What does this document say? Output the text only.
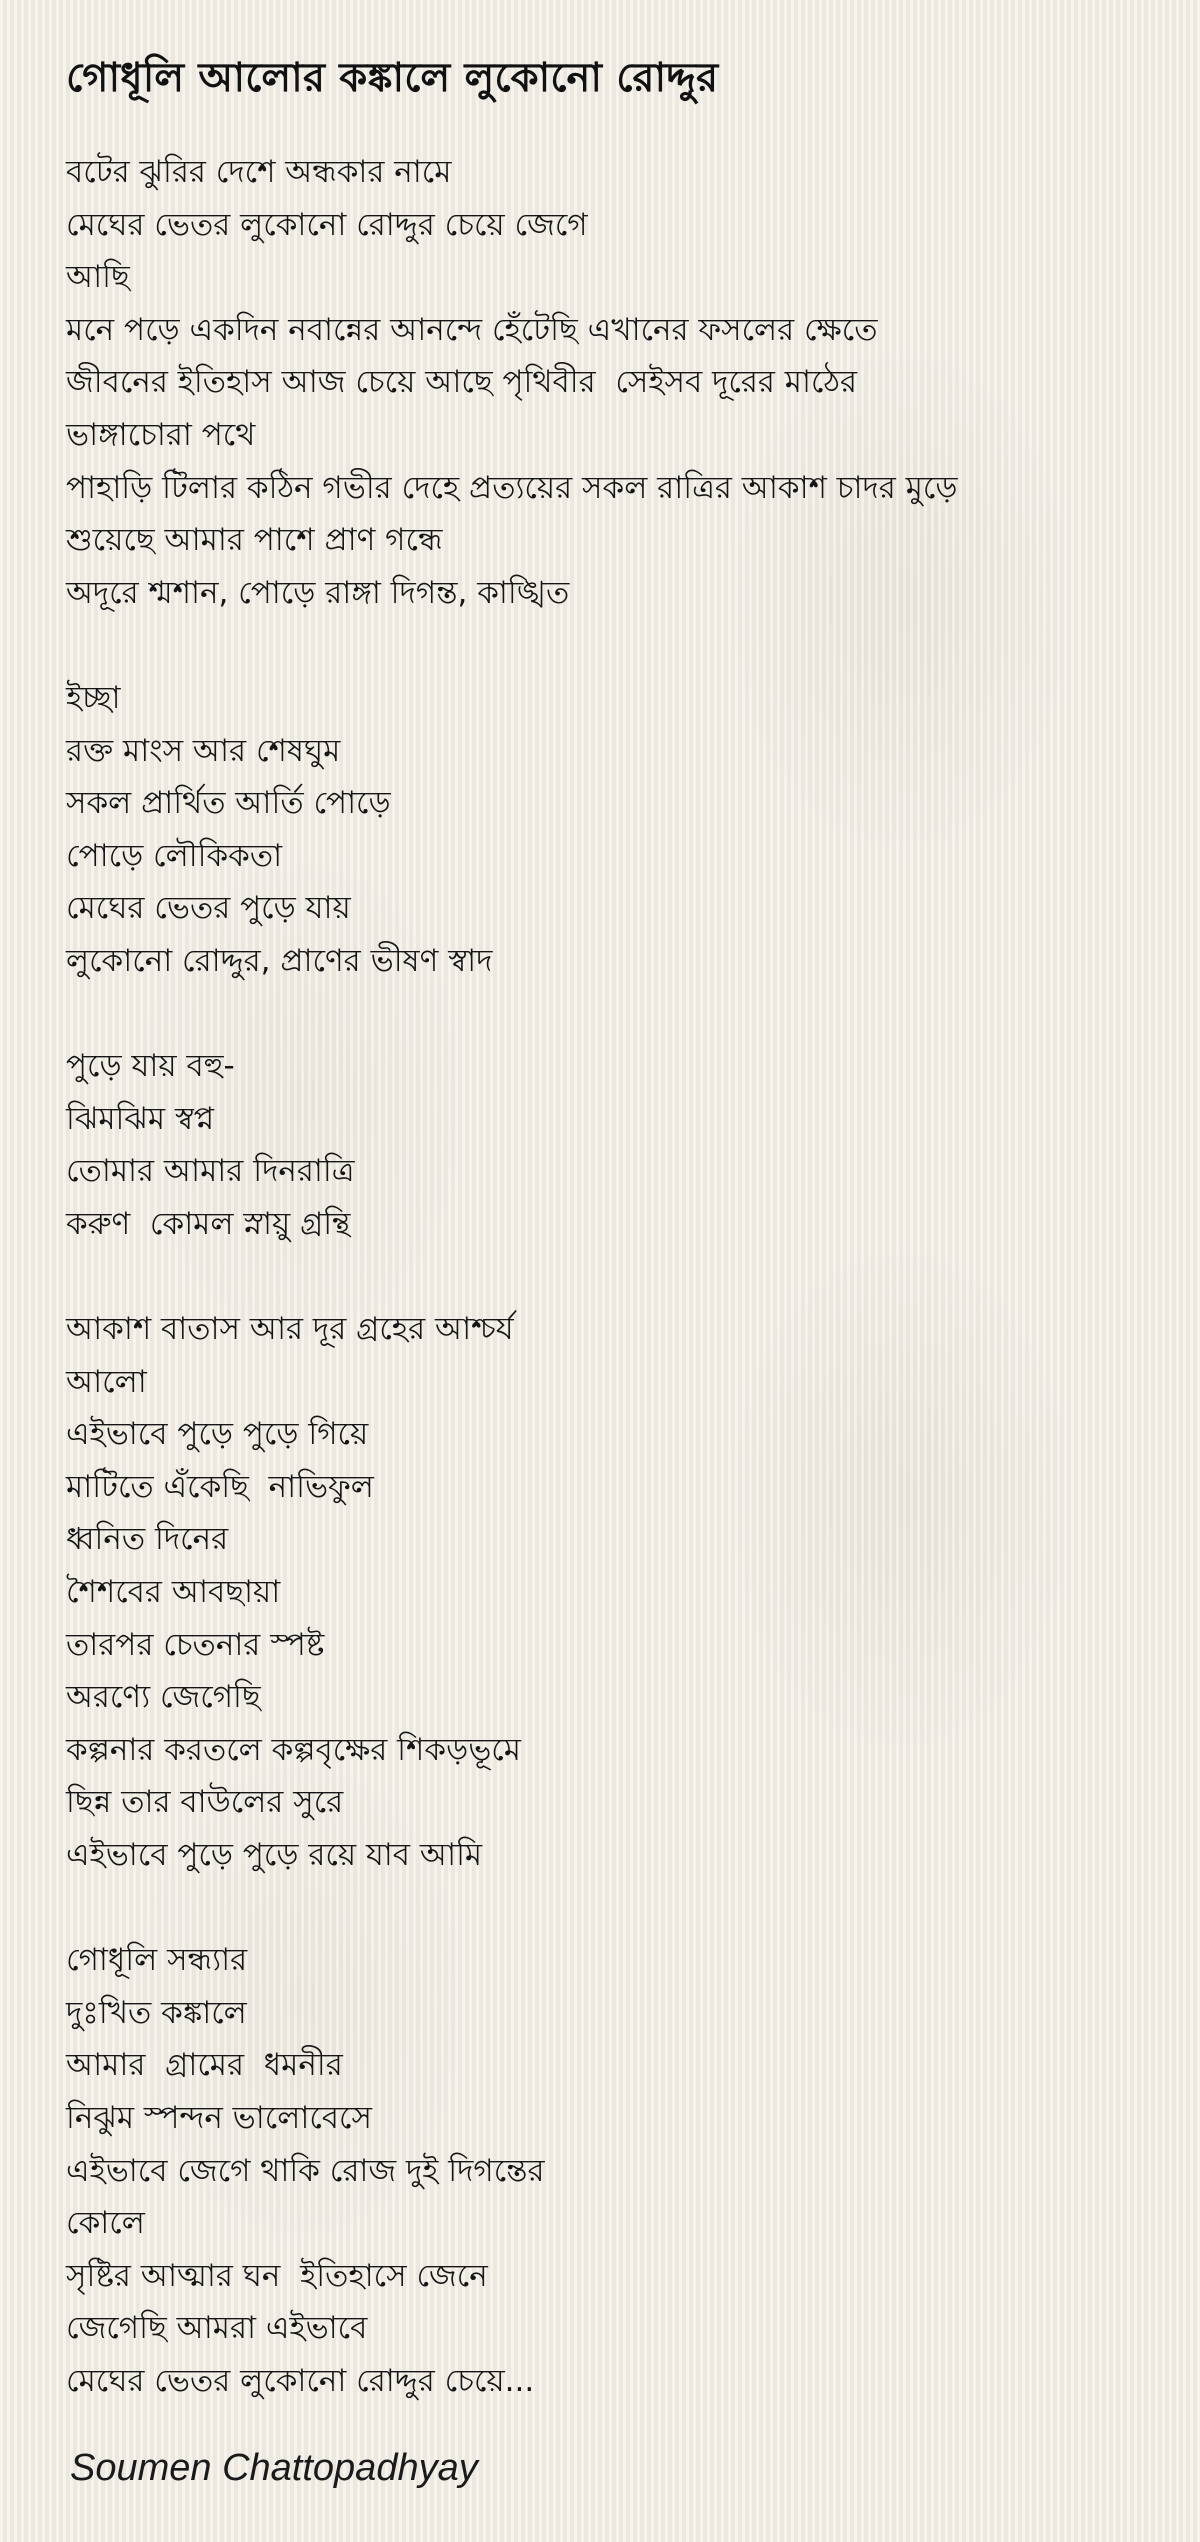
গোধূলি আলোর কঙ্কালে লুকোনো রোদ্দুর
বটের ঝুরির দেশে অন্ধকার নামে
মেঘের ভেতর লুকোনো রোদ্দুর চেয়ে জেগে
আছি
মনে পড়ে একদিন নবান্নের আনন্দে হেঁটেছি এখানের ফসলের ক্ষেতে
জীবনের ইতিহাস আজ চেয়ে আছে পৃথিবীর  সেইসব দূরের মাঠের
ভাঙ্গাচোরা পথে
পাহাড়ি টিলার কঠিন গভীর দেহে প্রত্যয়ের সকল রাত্রির আকাশ চাদর মুড়ে
শুয়েছে আমার পাশে প্রাণ গন্ধে
অদূরে শ্মশান, পোড়ে রাঙ্গা দিগন্ত, কাঙ্খিত
ইচ্ছা
রক্ত মাংস আর শেষঘুম
সকল প্রার্থিত আর্তি পোড়ে
পোড়ে লৌকিকতা
মেঘের ভেতর পুড়ে যায়
লুকোনো রোদ্দুর, প্রাণের ভীষণ স্বাদ
পুড়ে যায় বহু-
ঝিমঝিম স্বপ্ন
তোমার আমার দিনরাত্রি
করুণ  কোমল স্নায়ু গ্রন্থি
আকাশ বাতাস আর দূর গ্রহের আশ্চর্য
আলো
এইভাবে পুড়ে পুড়ে গিয়ে
মাটিতে এঁকেছি  নাভিফুল
ধ্বনিত দিনের
শৈশবের আবছায়া
তারপর চেতনার স্পষ্ট
অরণ্যে জেগেছি
কল্পনার করতলে কল্পবৃক্ষের শিকড়ভূমে
ছিন্ন তার বাউলের সুরে
এইভাবে পুড়ে পুড়ে রয়ে যাব আমি
গোধূলি সন্ধ্যার
দুঃখিত কঙ্কালে
আমার  গ্রামের  ধমনীর
নিঝুম স্পন্দন ভালোবেসে
এইভাবে জেগে থাকি রোজ দুই দিগন্তের
কোলে
সৃষ্টির আত্মার ঘন  ইতিহাসে জেনে
জেগেছি আমরা এইভাবে
মেঘের ভেতর লুকোনো রোদ্দুর চেয়ে...

Soumen Chattopadhyay
